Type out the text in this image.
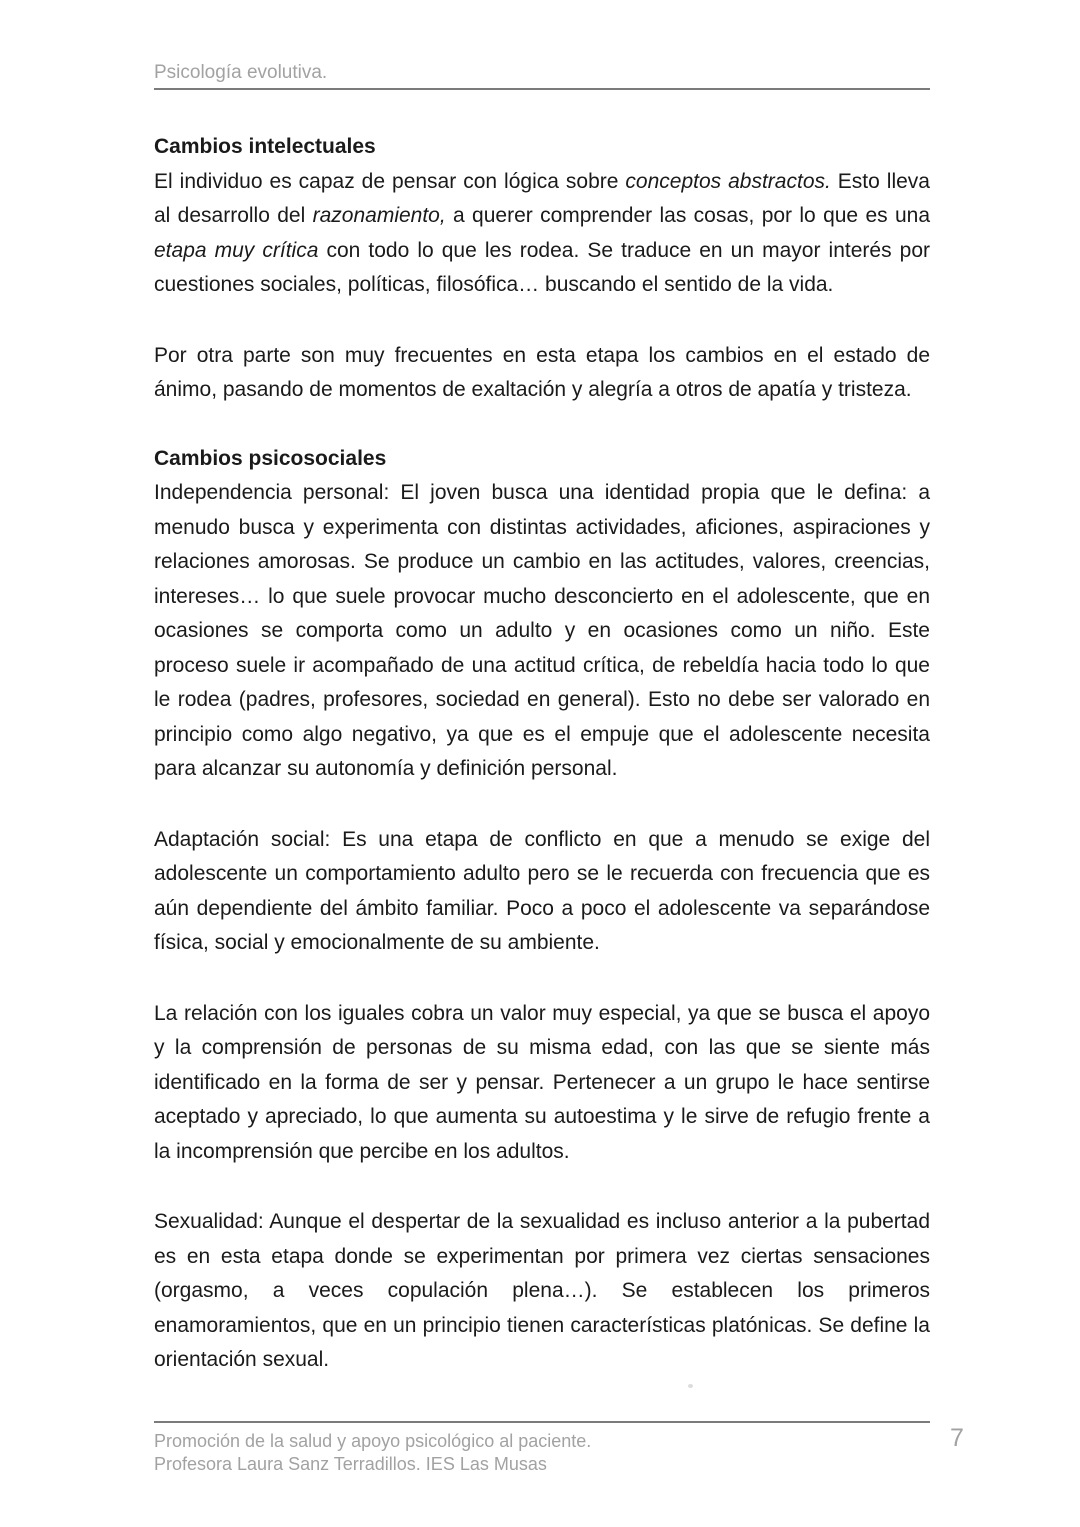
Psicología evolutiva.
Cambios intelectuales

El individuo es capaz de pensar con lógica sobre conceptos abstractos. Esto lleva al desarrollo del razonamiento, a querer comprender las cosas, por lo que es una etapa muy crítica con todo lo que les rodea. Se traduce en un mayor interés por cuestiones sociales, políticas, filosófica… buscando el sentido de la vida.

Por otra parte son muy frecuentes en esta etapa los cambios en el estado de ánimo, pasando de momentos de exaltación y alegría a otros de apatía y tristeza.

Cambios psicosociales

Independencia personal: El joven busca una identidad propia que le defina: a menudo busca y experimenta con distintas actividades, aficiones, aspiraciones y relaciones amorosas. Se produce un cambio en las actitudes, valores, creencias, intereses… lo que suele provocar mucho desconcierto en el adolescente, que en ocasiones se comporta como un adulto y en ocasiones como un niño. Este proceso suele ir acompañado de una actitud crítica, de rebeldía hacia todo lo que le rodea (padres, profesores, sociedad en general). Esto no debe ser valorado en principio como algo negativo, ya que es el empuje que el adolescente necesita para alcanzar su autonomía y definición personal.

Adaptación social: Es una etapa de conflicto en que a menudo se exige del adolescente un comportamiento adulto pero se le recuerda con frecuencia que es aún dependiente del ámbito familiar. Poco a poco el adolescente va separándose física, social y emocionalmente de su ambiente.

La relación con los iguales cobra un valor muy especial, ya que se busca el apoyo y la comprensión de personas de su misma edad, con las que se siente más identificado en la forma de ser y pensar. Pertenecer a un grupo le hace sentirse aceptado y apreciado, lo que aumenta su autoestima y le sirve de refugio frente a la incomprensión que percibe en los adultos.

Sexualidad: Aunque el despertar de la sexualidad es incluso anterior a la pubertad es en esta etapa donde se experimentan por primera vez ciertas sensaciones (orgasmo, a veces copulación plena…). Se establecen los primeros enamoramientos, que en un principio tienen características platónicas. Se define la orientación sexual.

Promoción de la salud y apoyo psicológico al paciente.
Profesora Laura Sanz Terradillos. IES Las Musas
7
